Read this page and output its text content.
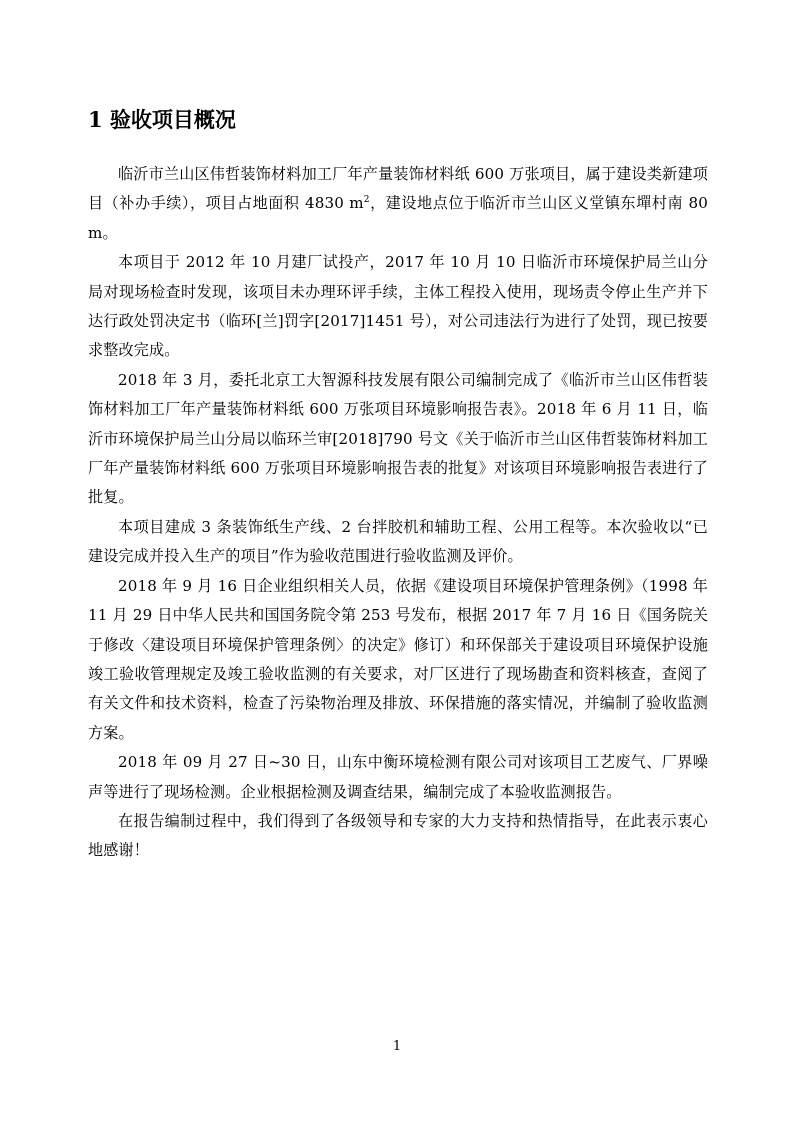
1 验收项目概况

临沂市兰山区伟哲装饰材料加工厂年产量装饰材料纸 600 万张项目，属于建设类新建项目（补办手续），项目占地面积 4830 $m^2$，建设地点位于临沂市兰山区义堂镇东墠村南 80 m。

本项目于 2012 年 10 月建厂试投产，2017 年 10 月 10 日临沂市环境保护局兰山分局对现场检查时发现，该项目未办理环评手续，主体工程投入使用，现场责令停止生产并下达行政处罚决定书（临环[兰]罚字[2017]1451 号），对公司违法行为进行了处罚，现已按要求整改完成。

2018 年 3 月，委托北京工大智源科技发展有限公司编制完成了《临沂市兰山区伟哲装饰材料加工厂年产量装饰材料纸 600 万张项目环境影响报告表》。2018 年 6 月 11 日，临沂市环境保护局兰山分局以临环兰审[2018]790 号文《关于临沂市兰山区伟哲装饰材料加工厂年产量装饰材料纸 600 万张项目环境影响报告表的批复》对该项目环境影响报告表进行了批复。

本项目建成 3 条装饰纸生产线、2 台拌胶机和辅助工程、公用工程等。本次验收以“已建设完成并投入生产的项目”作为验收范围进行验收监测及评价。

2018 年 9 月 16 日企业组织相关人员，依据《建设项目环境保护管理条例》（1998 年 11 月 29 日中华人民共和国国务院令第 253 号发布，根据 2017 年 7 月 16 日《国务院关于修改〈建设项目环境保护管理条例〉的决定》修订）和环保部关于建设项目环境保护设施竣工验收管理规定及竣工验收监测的有关要求，对厂区进行了现场勘查和资料核查，查阅了有关文件和技术资料，检查了污染物治理及排放、环保措施的落实情况，并编制了验收监测方案。

2018 年 09 月 27 日~30 日，山东中衡环境检测有限公司对该项目工艺废气、厂界噪声等进行了现场检测。企业根据检测及调查结果，编制完成了本验收监测报告。

在报告编制过程中，我们得到了各级领导和专家的大力支持和热情指导，在此表示衷心地感谢！

1
